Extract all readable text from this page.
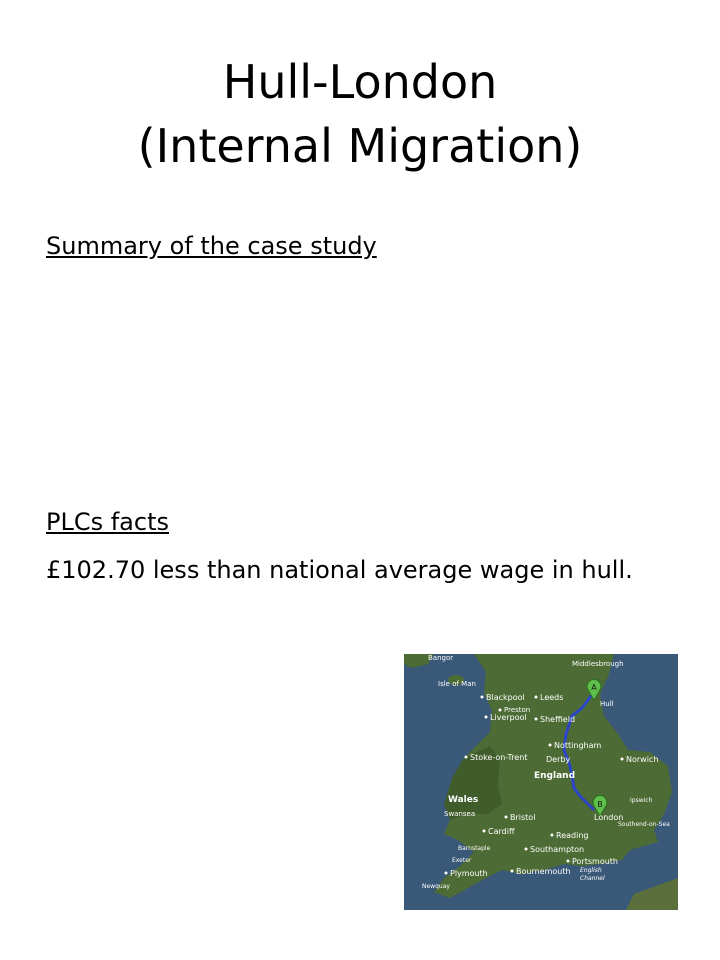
Hull-London
(Internal Migration)
Summary of the case study
PLCs facts
£102.70 less than national average wage in hull.
A
B
Bangor
Middlesbrough
Isle of Man
Blackpool Leeds
Preston
Hull
Liverpool Sheffield
Nottingham
Stoke-on-Trent Derby	Norwich
England
Wales
Swansea	Bristol
Cardiff	Reading
London
Southend-on-Sea
Ipswich
Barnstaple	Southampton
Exeter	Portsmouth
Plymouth	Bournemouth
Newquay
English
Channel
